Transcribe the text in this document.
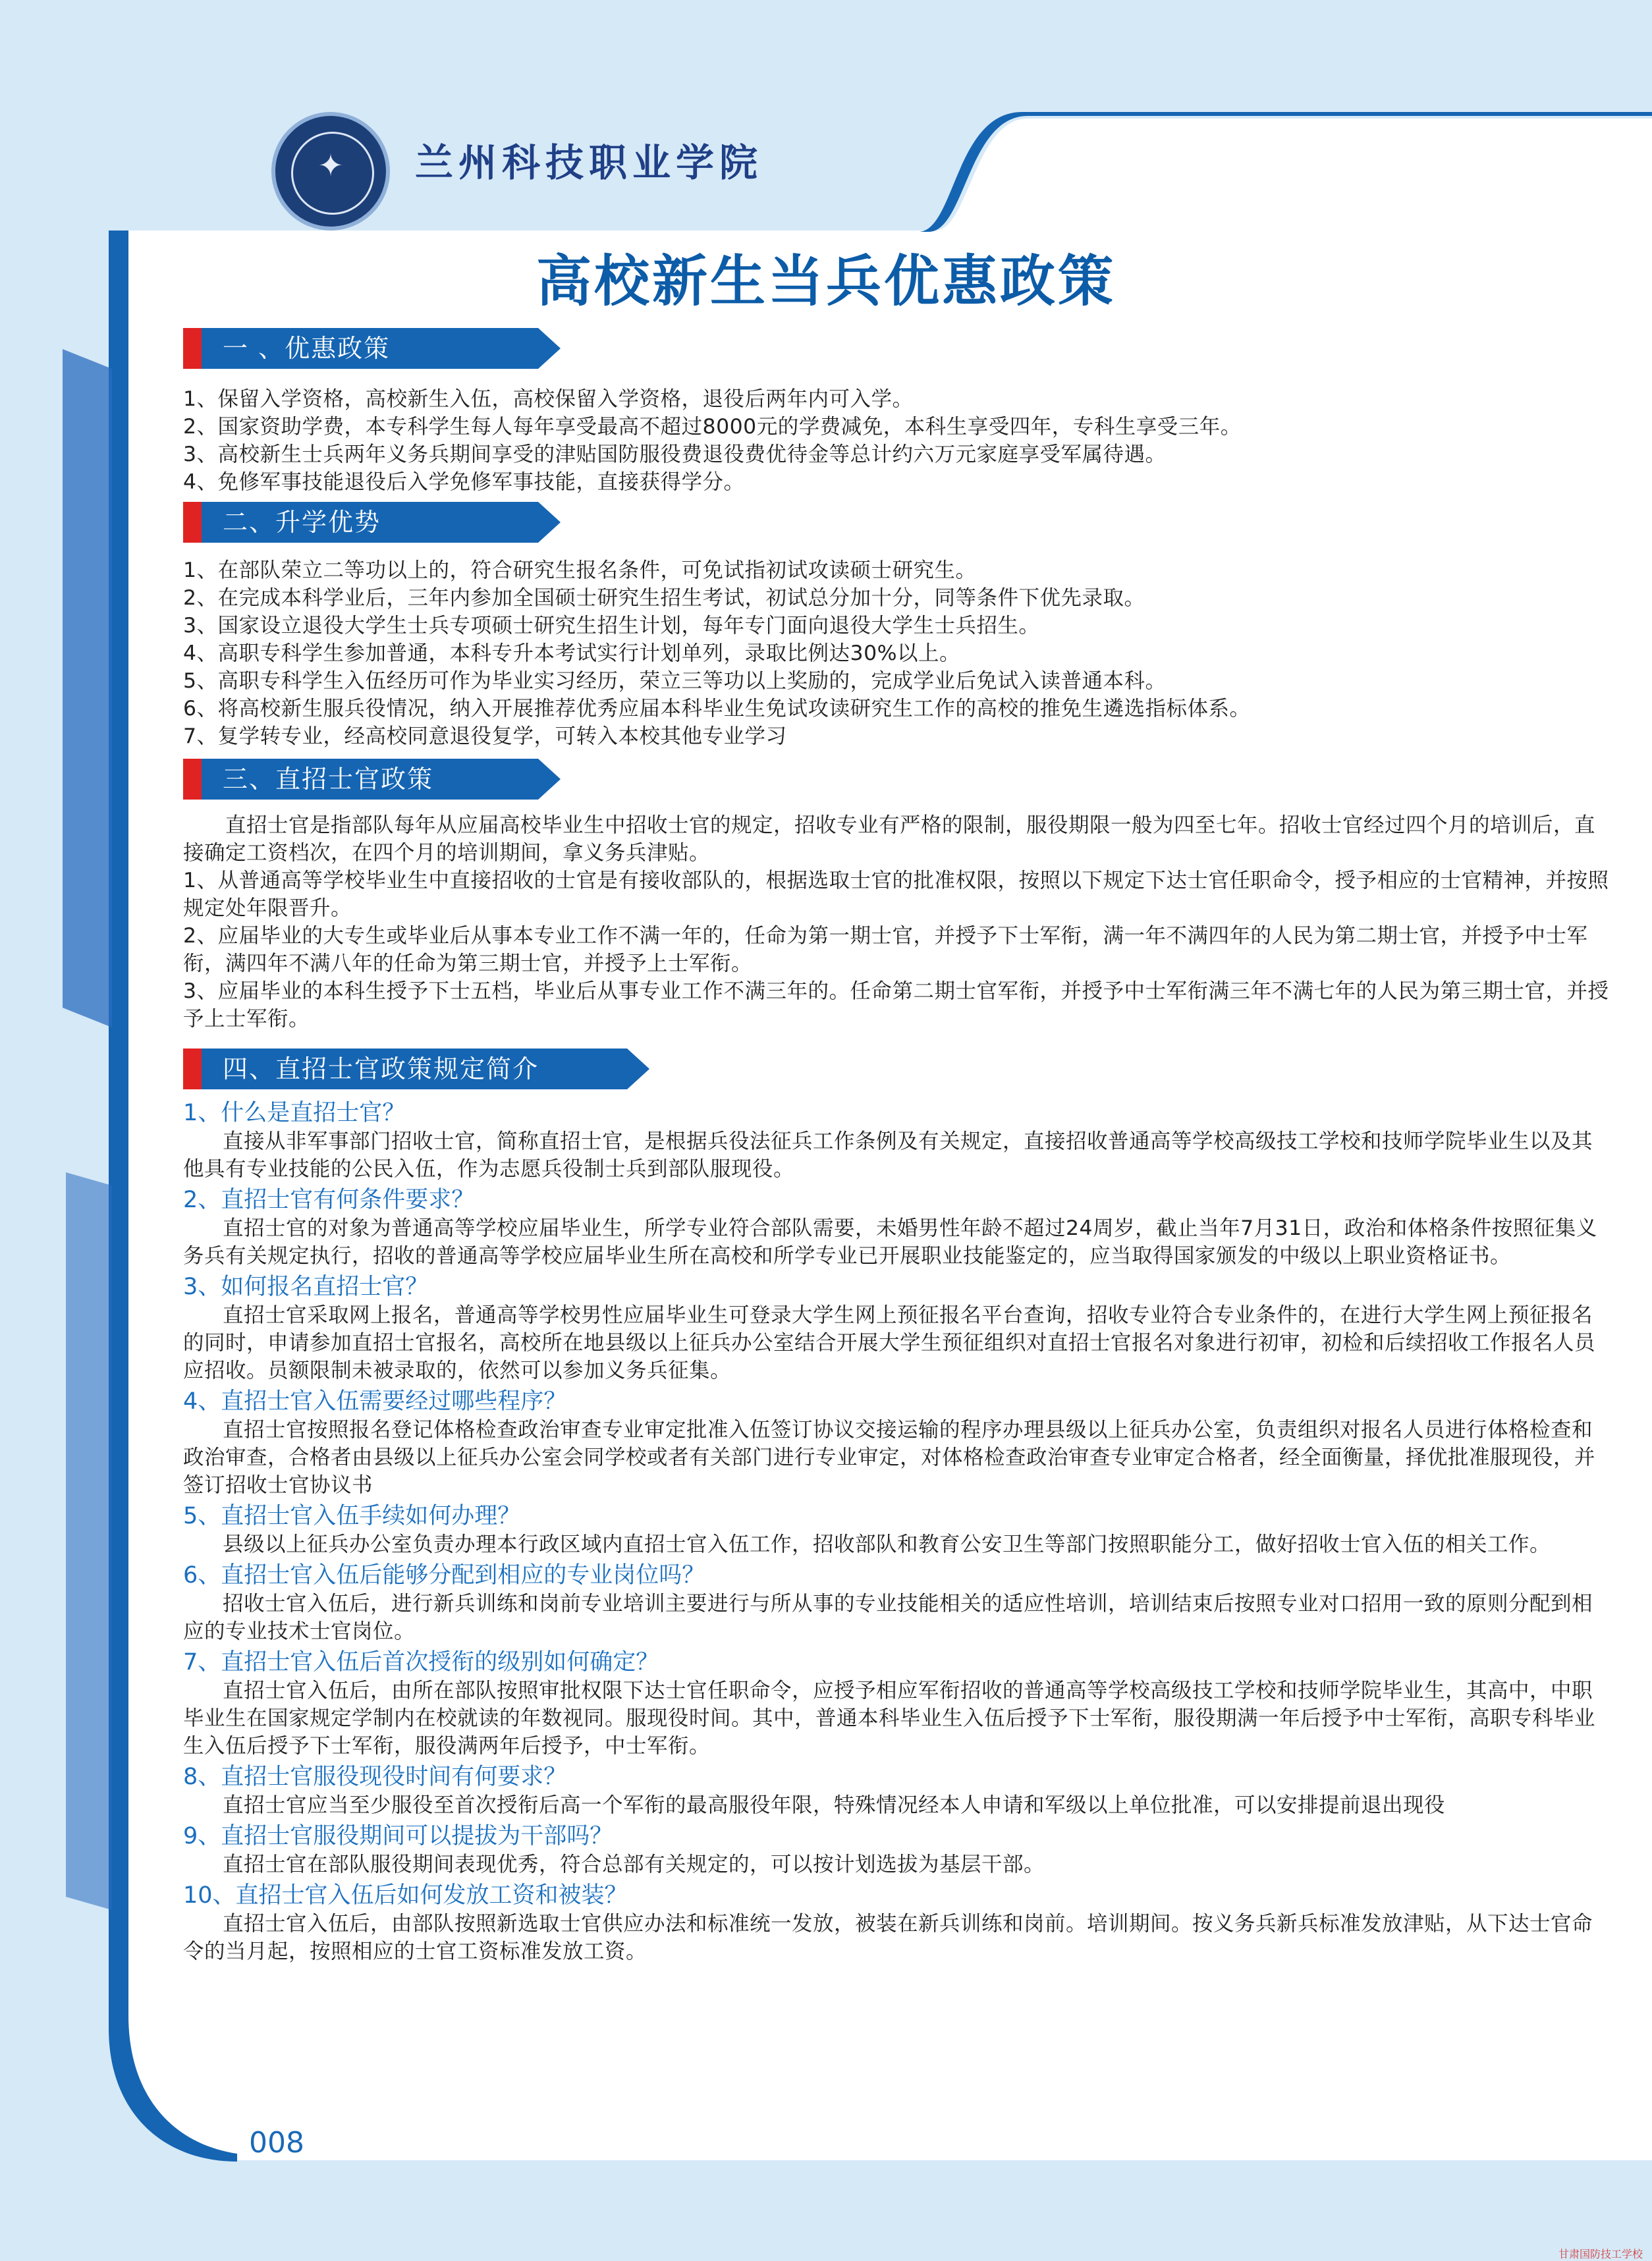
✦	兰州科技职业学院
高校新生当兵优惠政策
一 、优惠政策

1、保留入学资格，高校新生入伍，高校保留入学资格，退役后两年内可入学。

2、国家资助学费，本专科学生每人每年享受最高不超过8000元的学费减免，本科生享受四年，专科生享受三年。

3、高校新生士兵两年义务兵期间享受的津贴国防服役费退役费优待金等总计约六万元家庭享受军属待遇。

4、免修军事技能退役后入学免修军事技能，直接获得学分。

二、升学优势

1、在部队荣立二等功以上的，符合研究生报名条件，可免试指初试攻读硕士研究生。

2、在完成本科学业后，三年内参加全国硕士研究生招生考试，初试总分加十分，同等条件下优先录取。

3、国家设立退役大学生士兵专项硕士研究生招生计划，每年专门面向退役大学生士兵招生。

4、高职专科学生参加普通，本科专升本考试实行计划单列，录取比例达30%以上。

5、高职专科学生入伍经历可作为毕业实习经历，荣立三等功以上奖励的，完成学业后免试入读普通本科。

6、将高校新生服兵役情况，纳入开展推荐优秀应届本科毕业生免试攻读研究生工作的高校的推免生遴选指标体系。

7、复学转专业，经高校同意退役复学，可转入本校其他专业学习

三、直招士官政策

直招士官是指部队每年从应届高校毕业生中招收士官的规定，招收专业有严格的限制，服役期限一般为四至七年。招收士官经过四个月的培训后，直接确定工资档次，在四个月的培训期间，拿义务兵津贴。

1、从普通高等学校毕业生中直接招收的士官是有接收部队的，根据选取士官的批准权限，按照以下规定下达士官任职命令，授予相应的士官精神，并按照规定处年限晋升。

2、应届毕业的大专生或毕业后从事本专业工作不满一年的，任命为第一期士官，并授予下士军衔，满一年不满四年的人民为第二期士官，并授予中士军衔，满四年不满八年的任命为第三期士官，并授予上士军衔。

3、应届毕业的本科生授予下士五档，毕业后从事专业工作不满三年的。任命第二期士官军衔，并授予中士军衔满三年不满七年的人民为第三期士官，并授予上士军衔。

四、直招士官政策规定简介

1、什么是直招士官？

直接从非军事部门招收士官，简称直招士官，是根据兵役法征兵工作条例及有关规定，直接招收普通高等学校高级技工学校和技师学院毕业生以及其他具有专业技能的公民入伍，作为志愿兵役制士兵到部队服现役。

2、直招士官有何条件要求？

直招士官的对象为普通高等学校应届毕业生，所学专业符合部队需要，未婚男性年龄不超过24周岁，截止当年7月31日，政治和体格条件按照征集义务兵有关规定执行，招收的普通高等学校应届毕业生所在高校和所学专业已开展职业技能鉴定的，应当取得国家颁发的中级以上职业资格证书。

3、如何报名直招士官？

直招士官采取网上报名，普通高等学校男性应届毕业生可登录大学生网上预征报名平台查询，招收专业符合专业条件的，在进行大学生网上预征报名的同时，申请参加直招士官报名，高校所在地县级以上征兵办公室结合开展大学生预征组织对直招士官报名对象进行初审，初检和后续招收工作报名人员应招收。员额限制未被录取的，依然可以参加义务兵征集。

4、直招士官入伍需要经过哪些程序？

直招士官按照报名登记体格检查政治审查专业审定批准入伍签订协议交接运输的程序办理县级以上征兵办公室，负责组织对报名人员进行体格检查和政治审查，合格者由县级以上征兵办公室会同学校或者有关部门进行专业审定，对体格检查政治审查专业审定合格者，经全面衡量，择优批准服现役，并签订招收士官协议书

5、直招士官入伍手续如何办理？

县级以上征兵办公室负责办理本行政区域内直招士官入伍工作，招收部队和教育公安卫生等部门按照职能分工，做好招收士官入伍的相关工作。

6、直招士官入伍后能够分配到相应的专业岗位吗？

招收士官入伍后，进行新兵训练和岗前专业培训主要进行与所从事的专业技能相关的适应性培训，培训结束后按照专业对口招用一致的原则分配到相应的专业技术士官岗位。

7、直招士官入伍后首次授衔的级别如何确定？

直招士官入伍后，由所在部队按照审批权限下达士官任职命令，应授予相应军衔招收的普通高等学校高级技工学校和技师学院毕业生，其高中，中职毕业生在国家规定学制内在校就读的年数视同。服现役时间。其中，普通本科毕业生入伍后授予下士军衔，服役期满一年后授予中士军衔，高职专科毕业生入伍后授予下士军衔，服役满两年后授予，中士军衔。

8、直招士官服役现役时间有何要求？

直招士官应当至少服役至首次授衔后高一个军衔的最高服役年限，特殊情况经本人申请和军级以上单位批准，可以安排提前退出现役

9、直招士官服役期间可以提拔为干部吗？

直招士官在部队服役期间表现优秀，符合总部有关规定的，可以按计划选拔为基层干部。

10、直招士官入伍后如何发放工资和被装？

直招士官入伍后，由部队按照新选取士官供应办法和标准统一发放，被装在新兵训练和岗前。培训期间。按义务兵新兵标准发放津贴，从下达士官命令的当月起，按照相应的士官工资标准发放工资。

008
甘肃国防技工学校
